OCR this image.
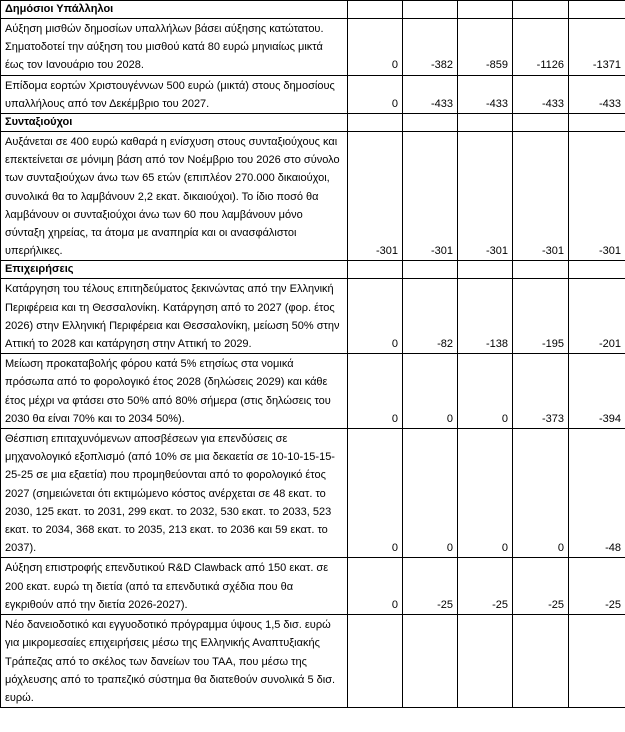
Δημόσιοι Υπάλληλοι					
Αύξηση μισθών δημοσίων υπαλλήλων βάσει αύξησης κατώτατου. Σηματοδοτεί την αύξηση του μισθού κατά 80 ευρώ μηνιαίως μικτά έως τον Ιανουάριο του 2028.	0	-382	-859	-1126	-1371
Επίδομα εορτών Χριστουγέννων 500 ευρώ (μικτά) στους δημοσίους υπαλλήλους από τον Δεκέμβριο του 2027.	0	-433	-433	-433	-433
Συνταξιούχοι					
Αυξάνεται σε 400 ευρώ καθαρά η ενίσχυση στους συνταξιούχους και επεκτείνεται σε μόνιμη βάση από τον Νοέμβριο του 2026 στο σύνολο των συνταξιούχων άνω των 65 ετών (επιπλέον 270.000 δικαιούχοι, συνολικά θα το λαμβάνουν 2,2 εκατ. δικαιούχοι). Το ίδιο ποσό θα λαμβάνουν οι συνταξιούχοι άνω των 60 που λαμβάνουν μόνο σύνταξη χηρείας, τα άτομα με αναπηρία και οι ανασφάλιστοι υπερήλικες.	-301	-301	-301	-301	-301
Επιχειρήσεις					
Κατάργηση του τέλους επιτηδεύματος ξεκινώντας από την Ελληνική Περιφέρεια και τη Θεσσαλονίκη. Κατάργηση από το 2027 (φορ. έτος 2026) στην Ελληνική Περιφέρεια και Θεσσαλονίκη, μείωση 50% στην Αττική το 2028 και κατάργηση στην Αττική το 2029.	0	-82	-138	-195	-201
Μείωση προκαταβολής φόρου κατά 5% ετησίως στα νομικά πρόσωπα από το φορολογικό έτος 2028 (δηλώσεις 2029) και κάθε έτος μέχρι να φτάσει στο 50% από 80% σήμερα (στις δηλώσεις του 2030 θα είναι 70% και το 2034 50%).	0	0	0	-373	-394
Θέσπιση επιταχυνόμενων αποσβέσεων για επενδύσεις σε μηχανολογικό εξοπλισμό (από 10% σε μια δεκαετία σε 10-10-15-15-25-25 σε μια εξαετία) που προμηθεύονται από το φορολογικό έτος 2027 (σημειώνεται ότι εκτιμώμενο κόστος ανέρχεται σε 48 εκατ. το 2030, 125 εκατ. το 2031, 299 εκατ. το 2032, 530 εκατ. το 2033, 523 εκατ. το 2034, 368 εκατ. το 2035, 213 εκατ. το 2036 και 59 εκατ. το 2037).	0	0	0	0	-48
Αύξηση επιστροφής επενδυτικού R&D Clawback από 150 εκατ. σε 200 εκατ. ευρώ τη διετία (από τα επενδυτικά σχέδια που θα εγκριθούν από την διετία 2026-2027).	0	-25	-25	-25	-25
Νέο δανειοδοτικό και εγγυοδοτικό πρόγραμμα ύψους 1,5 δισ. ευρώ για μικρομεσαίες επιχειρήσεις μέσω της Ελληνικής Αναπτυξιακής Τράπεζας από το σκέλος των δανείων του ΤΑΑ, που μέσω της μόχλευσης από το τραπεζικό σύστημα θα διατεθούν συνολικά 5 δισ. ευρώ.					
